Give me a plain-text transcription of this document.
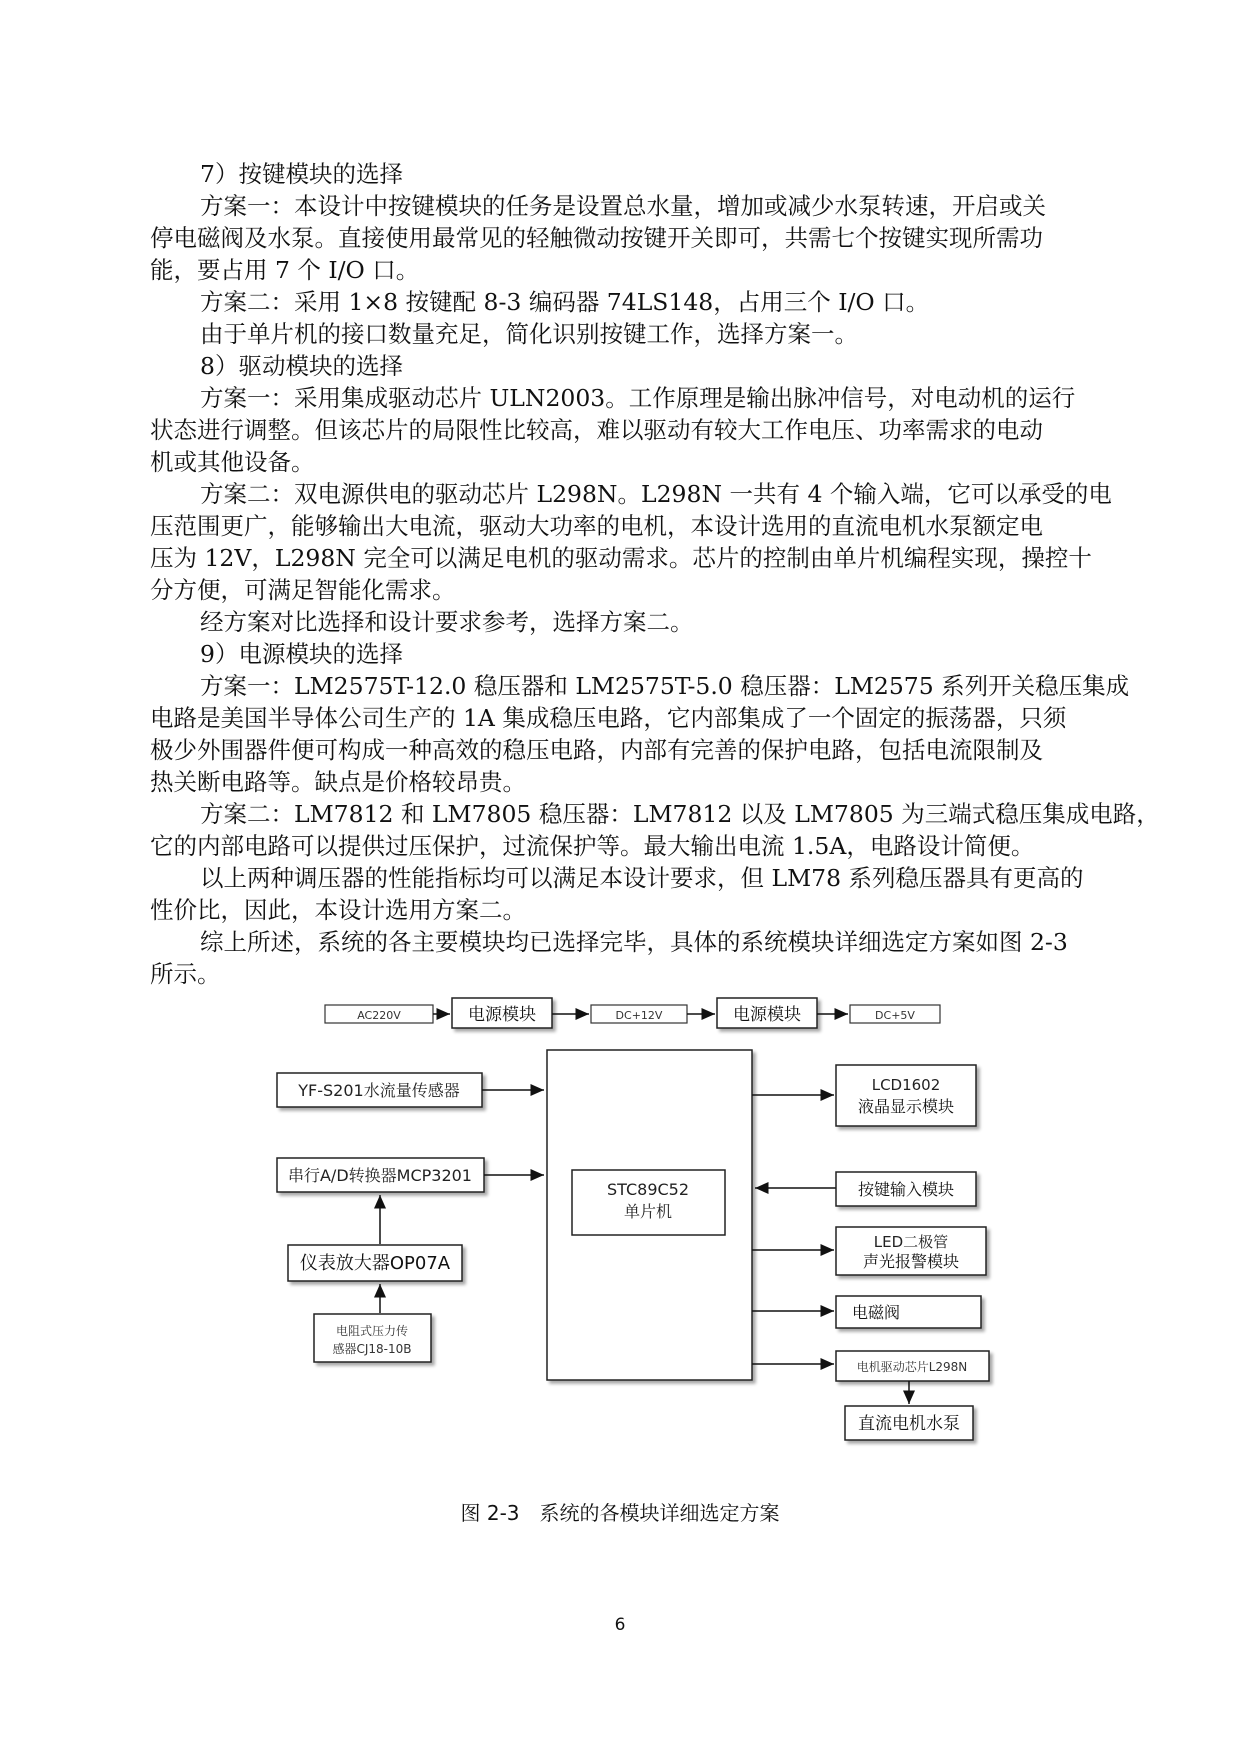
7）按键模块的选择
方案一：本设计中按键模块的任务是设置总水量，增加或减少水泵转速，开启或关
停电磁阀及水泵。直接使用最常见的轻触微动按键开关即可，共需七个按键实现所需功
能，要占用 7 个 I/O 口。
方案二：采用 1×8 按键配 8-3 编码器 74LS148，占用三个 I/O 口。
由于单片机的接口数量充足，简化识别按键工作，选择方案一。
8）驱动模块的选择
方案一：采用集成驱动芯片 ULN2003。工作原理是输出脉冲信号，对电动机的运行
状态进行调整。但该芯片的局限性比较高，难以驱动有较大工作电压、功率需求的电动
机或其他设备。
方案二：双电源供电的驱动芯片 L298N。L298N 一共有 4 个输入端，它可以承受的电
压范围更广，能够输出大电流，驱动大功率的电机，本设计选用的直流电机水泵额定电
压为 12V，L298N 完全可以满足电机的驱动需求。芯片的控制由单片机编程实现，操控十
分方便，可满足智能化需求。
经方案对比选择和设计要求参考，选择方案二。
9）电源模块的选择
方案一：LM2575T-12.0 稳压器和 LM2575T-5.0 稳压器：LM2575 系列开关稳压集成
电路是美国半导体公司生产的 1A 集成稳压电路，它内部集成了一个固定的振荡器，只须
极少外围器件便可构成一种高效的稳压电路，内部有完善的保护电路，包括电流限制及
热关断电路等。缺点是价格较昂贵。
方案二：LM7812 和 LM7805 稳压器：LM7812 以及 LM7805 为三端式稳压集成电路，
它的内部电路可以提供过压保护，过流保护等。最大输出电流 1.5A，电路设计简便。
以上两种调压器的性能指标均可以满足本设计要求，但 LM78 系列稳压器具有更高的
性价比，因此，本设计选用方案二。
综上所述，系统的各主要模块均已选择完毕，具体的系统模块详细选定方案如图 2-3
所示。
AC220V	电源模块	DC+12V	电源模块	DC+5V
STC89C52
单片机
YF-S201水流量传感器
串行A/D转换器MCP3201
仪表放大器OP07A
电阻式压力传
感器CJ18-10B
LCD1602
液晶显示模块
按键输入模块
LED二极管
声光报警模块
电磁阀
电机驱动芯片L298N
直流电机水泵
图 2-3　系统的各模块详细选定方案
6
